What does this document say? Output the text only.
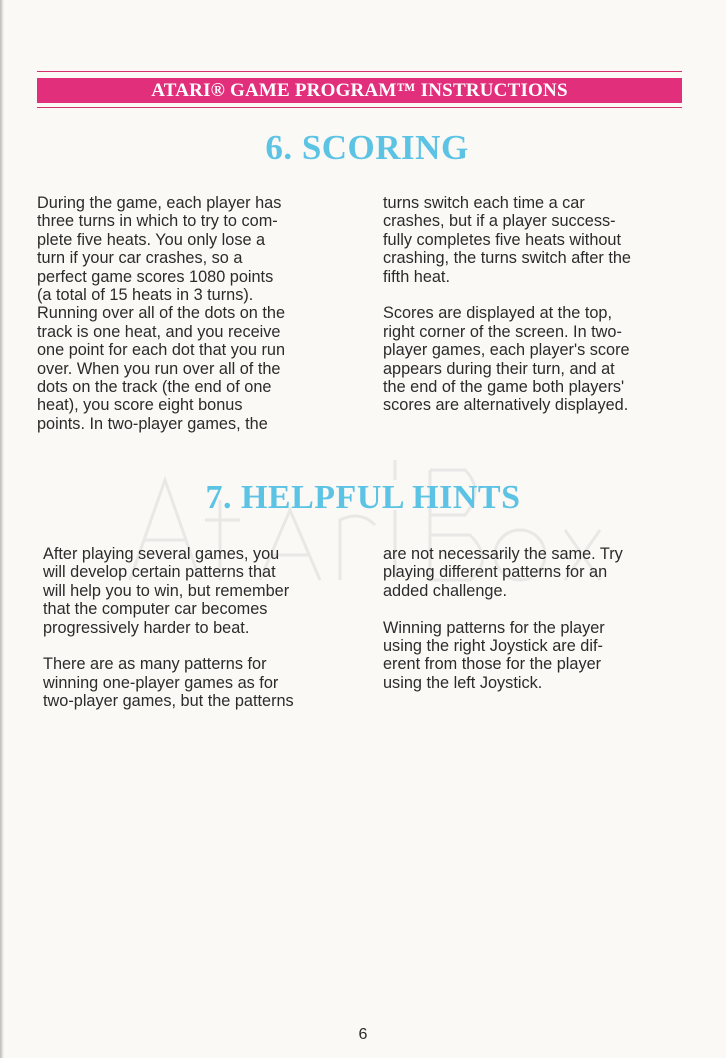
ATARI® GAME PROGRAM™ INSTRUCTIONS
6. SCORING

During the game, each player has
three turns in which to try to com-
plete five heats. You only lose a
turn if your car crashes, so a
perfect game scores 1080 points
(a total of 15 heats in 3 turns).
Running over all of the dots on the
track is one heat, and you receive
one point for each dot that you run
over. When you run over all of the
dots on the track (the end of one
heat), you score eight bonus
points. In two-player games, the

turns switch each time a car
crashes, but if a player success-
fully completes five heats without
crashing, the turns switch after the
fifth heat.

Scores are displayed at the top,
right corner of the screen. In two-
player games, each player's score
appears during their turn, and at
the end of the game both players'
scores are alternatively displayed.

7. HELPFUL HINTS

After playing several games, you
will develop certain patterns that
will help you to win, but remember
that the computer car becomes
progressively harder to beat.

There are as many patterns for
winning one-player games as for
two-player games, but the patterns

are not necessarily the same. Try
playing different patterns for an
added challenge.

Winning patterns for the player
using the right Joystick are dif-
erent from those for the player
using the left Joystick.

6
